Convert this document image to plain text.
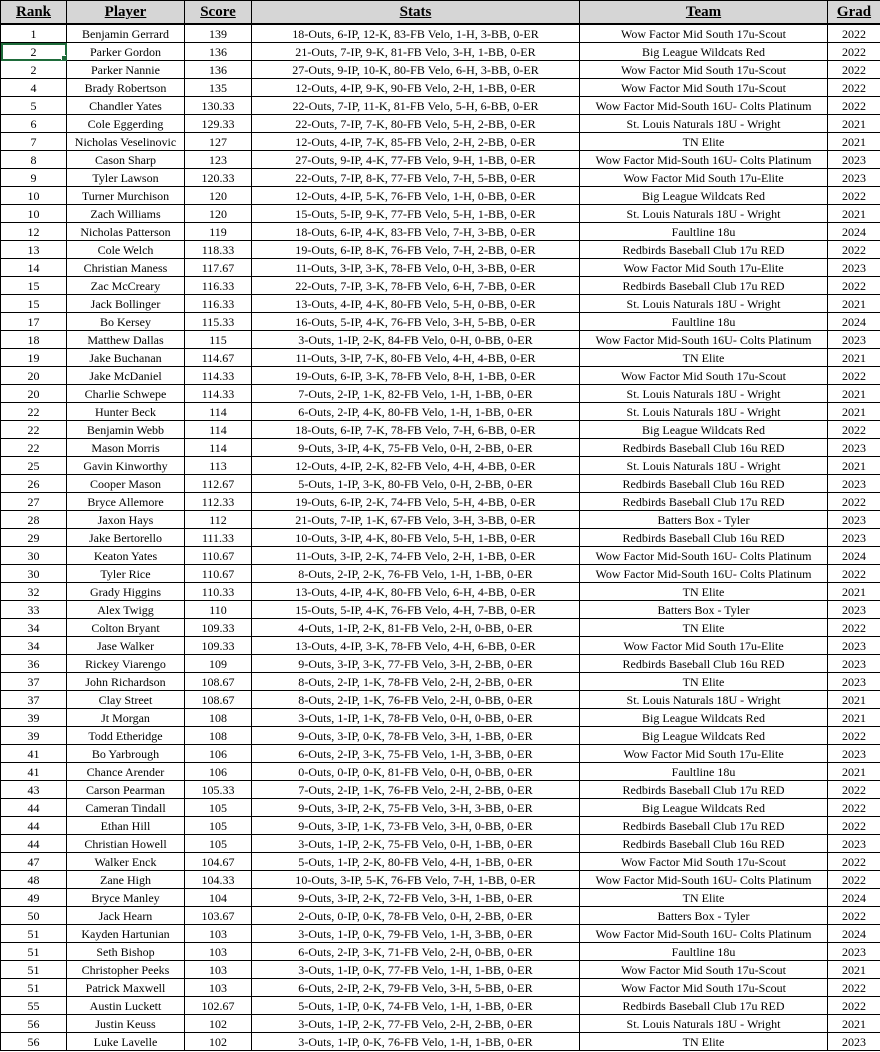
Rank	Player	Score	Stats	Team	Grad
1	Benjamin Gerrard	139	18-Outs, 6-IP, 12-K, 83-FB Velo, 1-H, 3-BB, 0-ER	Wow Factor Mid South 17u-Scout	2022
2	Parker Gordon	136	21-Outs, 7-IP, 9-K, 81-FB Velo, 3-H, 1-BB, 0-ER	Big League Wildcats Red	2022
2	Parker Nannie	136	27-Outs, 9-IP, 10-K, 80-FB Velo, 6-H, 3-BB, 0-ER	Wow Factor Mid South 17u-Scout	2022
4	Brady Robertson	135	12-Outs, 4-IP, 9-K, 90-FB Velo, 2-H, 1-BB, 0-ER	Wow Factor Mid South 17u-Scout	2022
5	Chandler Yates	130.33	22-Outs, 7-IP, 11-K, 81-FB Velo, 5-H, 6-BB, 0-ER	Wow Factor Mid-South 16U- Colts Platinum	2022
6	Cole Eggerding	129.33	22-Outs, 7-IP, 7-K, 80-FB Velo, 5-H, 2-BB, 0-ER	St. Louis Naturals 18U - Wright	2021
7	Nicholas Veselinovic	127	12-Outs, 4-IP, 7-K, 85-FB Velo, 2-H, 2-BB, 0-ER	TN Elite	2021
8	Cason Sharp	123	27-Outs, 9-IP, 4-K, 77-FB Velo, 9-H, 1-BB, 0-ER	Wow Factor Mid-South 16U- Colts Platinum	2023
9	Tyler Lawson	120.33	22-Outs, 7-IP, 8-K, 77-FB Velo, 7-H, 5-BB, 0-ER	Wow Factor Mid South 17u-Elite	2023
10	Turner Murchison	120	12-Outs, 4-IP, 5-K, 76-FB Velo, 1-H, 0-BB, 0-ER	Big League Wildcats Red	2022
10	Zach Williams	120	15-Outs, 5-IP, 9-K, 77-FB Velo, 5-H, 1-BB, 0-ER	St. Louis Naturals 18U - Wright	2021
12	Nicholas Patterson	119	18-Outs, 6-IP, 4-K, 83-FB Velo, 7-H, 3-BB, 0-ER	Faultline 18u	2024
13	Cole Welch	118.33	19-Outs, 6-IP, 8-K, 76-FB Velo, 7-H, 2-BB, 0-ER	Redbirds Baseball Club 17u RED	2022
14	Christian Maness	117.67	11-Outs, 3-IP, 3-K, 78-FB Velo, 0-H, 3-BB, 0-ER	Wow Factor Mid South 17u-Elite	2023
15	Zac McCreary	116.33	22-Outs, 7-IP, 3-K, 78-FB Velo, 6-H, 7-BB, 0-ER	Redbirds Baseball Club 17u RED	2022
15	Jack Bollinger	116.33	13-Outs, 4-IP, 4-K, 80-FB Velo, 5-H, 0-BB, 0-ER	St. Louis Naturals 18U - Wright	2021
17	Bo Kersey	115.33	16-Outs, 5-IP, 4-K, 76-FB Velo, 3-H, 5-BB, 0-ER	Faultline 18u	2024
18	Matthew Dallas	115	3-Outs, 1-IP, 2-K, 84-FB Velo, 0-H, 0-BB, 0-ER	Wow Factor Mid-South 16U- Colts Platinum	2023
19	Jake Buchanan	114.67	11-Outs, 3-IP, 7-K, 80-FB Velo, 4-H, 4-BB, 0-ER	TN Elite	2021
20	Jake McDaniel	114.33	19-Outs, 6-IP, 3-K, 78-FB Velo, 8-H, 1-BB, 0-ER	Wow Factor Mid South 17u-Scout	2022
20	Charlie Schwepe	114.33	7-Outs, 2-IP, 1-K, 82-FB Velo, 1-H, 1-BB, 0-ER	St. Louis Naturals 18U - Wright	2021
22	Hunter Beck	114	6-Outs, 2-IP, 4-K, 80-FB Velo, 1-H, 1-BB, 0-ER	St. Louis Naturals 18U - Wright	2021
22	Benjamin Webb	114	18-Outs, 6-IP, 7-K, 78-FB Velo, 7-H, 6-BB, 0-ER	Big League Wildcats Red	2022
22	Mason Morris	114	9-Outs, 3-IP, 4-K, 75-FB Velo, 0-H, 2-BB, 0-ER	Redbirds Baseball Club 16u RED	2023
25	Gavin Kinworthy	113	12-Outs, 4-IP, 2-K, 82-FB Velo, 4-H, 4-BB, 0-ER	St. Louis Naturals 18U - Wright	2021
26	Cooper Mason	112.67	5-Outs, 1-IP, 3-K, 80-FB Velo, 0-H, 2-BB, 0-ER	Redbirds Baseball Club 16u RED	2023
27	Bryce Allemore	112.33	19-Outs, 6-IP, 2-K, 74-FB Velo, 5-H, 4-BB, 0-ER	Redbirds Baseball Club 17u RED	2022
28	Jaxon Hays	112	21-Outs, 7-IP, 1-K, 67-FB Velo, 3-H, 3-BB, 0-ER	Batters Box - Tyler	2023
29	Jake Bertorello	111.33	10-Outs, 3-IP, 4-K, 80-FB Velo, 5-H, 1-BB, 0-ER	Redbirds Baseball Club 16u RED	2023
30	Keaton Yates	110.67	11-Outs, 3-IP, 2-K, 74-FB Velo, 2-H, 1-BB, 0-ER	Wow Factor Mid-South 16U- Colts Platinum	2024
30	Tyler Rice	110.67	8-Outs, 2-IP, 2-K, 76-FB Velo, 1-H, 1-BB, 0-ER	Wow Factor Mid-South 16U- Colts Platinum	2022
32	Grady Higgins	110.33	13-Outs, 4-IP, 4-K, 80-FB Velo, 6-H, 4-BB, 0-ER	TN Elite	2021
33	Alex Twigg	110	15-Outs, 5-IP, 4-K, 76-FB Velo, 4-H, 7-BB, 0-ER	Batters Box - Tyler	2023
34	Colton Bryant	109.33	4-Outs, 1-IP, 2-K, 81-FB Velo, 2-H, 0-BB, 0-ER	TN Elite	2022
34	Jase Walker	109.33	13-Outs, 4-IP, 3-K, 78-FB Velo, 4-H, 6-BB, 0-ER	Wow Factor Mid South 17u-Elite	2023
36	Rickey Viarengo	109	9-Outs, 3-IP, 3-K, 77-FB Velo, 3-H, 2-BB, 0-ER	Redbirds Baseball Club 16u RED	2023
37	John Richardson	108.67	8-Outs, 2-IP, 1-K, 78-FB Velo, 2-H, 2-BB, 0-ER	TN Elite	2023
37	Clay Street	108.67	8-Outs, 2-IP, 1-K, 76-FB Velo, 2-H, 0-BB, 0-ER	St. Louis Naturals 18U - Wright	2021
39	Jt Morgan	108	3-Outs, 1-IP, 1-K, 78-FB Velo, 0-H, 0-BB, 0-ER	Big League Wildcats Red	2021
39	Todd Etheridge	108	9-Outs, 3-IP, 0-K, 78-FB Velo, 3-H, 1-BB, 0-ER	Big League Wildcats Red	2022
41	Bo Yarbrough	106	6-Outs, 2-IP, 3-K, 75-FB Velo, 1-H, 3-BB, 0-ER	Wow Factor Mid South 17u-Elite	2023
41	Chance Arender	106	0-Outs, 0-IP, 0-K, 81-FB Velo, 0-H, 0-BB, 0-ER	Faultline 18u	2021
43	Carson Pearman	105.33	7-Outs, 2-IP, 1-K, 76-FB Velo, 2-H, 2-BB, 0-ER	Redbirds Baseball Club 17u RED	2022
44	Cameran Tindall	105	9-Outs, 3-IP, 2-K, 75-FB Velo, 3-H, 3-BB, 0-ER	Big League Wildcats Red	2022
44	Ethan Hill	105	9-Outs, 3-IP, 1-K, 73-FB Velo, 3-H, 0-BB, 0-ER	Redbirds Baseball Club 17u RED	2022
44	Christian Howell	105	3-Outs, 1-IP, 2-K, 75-FB Velo, 0-H, 1-BB, 0-ER	Redbirds Baseball Club 16u RED	2023
47	Walker Enck	104.67	5-Outs, 1-IP, 2-K, 80-FB Velo, 4-H, 1-BB, 0-ER	Wow Factor Mid South 17u-Scout	2022
48	Zane High	104.33	10-Outs, 3-IP, 5-K, 76-FB Velo, 7-H, 1-BB, 0-ER	Wow Factor Mid-South 16U- Colts Platinum	2022
49	Bryce Manley	104	9-Outs, 3-IP, 2-K, 72-FB Velo, 3-H, 1-BB, 0-ER	TN Elite	2024
50	Jack Hearn	103.67	2-Outs, 0-IP, 0-K, 78-FB Velo, 0-H, 2-BB, 0-ER	Batters Box - Tyler	2022
51	Kayden Hartunian	103	3-Outs, 1-IP, 0-K, 79-FB Velo, 1-H, 3-BB, 0-ER	Wow Factor Mid-South 16U- Colts Platinum	2024
51	Seth Bishop	103	6-Outs, 2-IP, 3-K, 71-FB Velo, 2-H, 0-BB, 0-ER	Faultline 18u	2023
51	Christopher Peeks	103	3-Outs, 1-IP, 0-K, 77-FB Velo, 1-H, 1-BB, 0-ER	Wow Factor Mid South 17u-Scout	2021
51	Patrick Maxwell	103	6-Outs, 2-IP, 2-K, 79-FB Velo, 3-H, 5-BB, 0-ER	Wow Factor Mid South 17u-Scout	2022
55	Austin Luckett	102.67	5-Outs, 1-IP, 0-K, 74-FB Velo, 1-H, 1-BB, 0-ER	Redbirds Baseball Club 17u RED	2022
56	Justin Keuss	102	3-Outs, 1-IP, 2-K, 77-FB Velo, 2-H, 2-BB, 0-ER	St. Louis Naturals 18U - Wright	2021
56	Luke Lavelle	102	3-Outs, 1-IP, 0-K, 76-FB Velo, 1-H, 1-BB, 0-ER	TN Elite	2023
